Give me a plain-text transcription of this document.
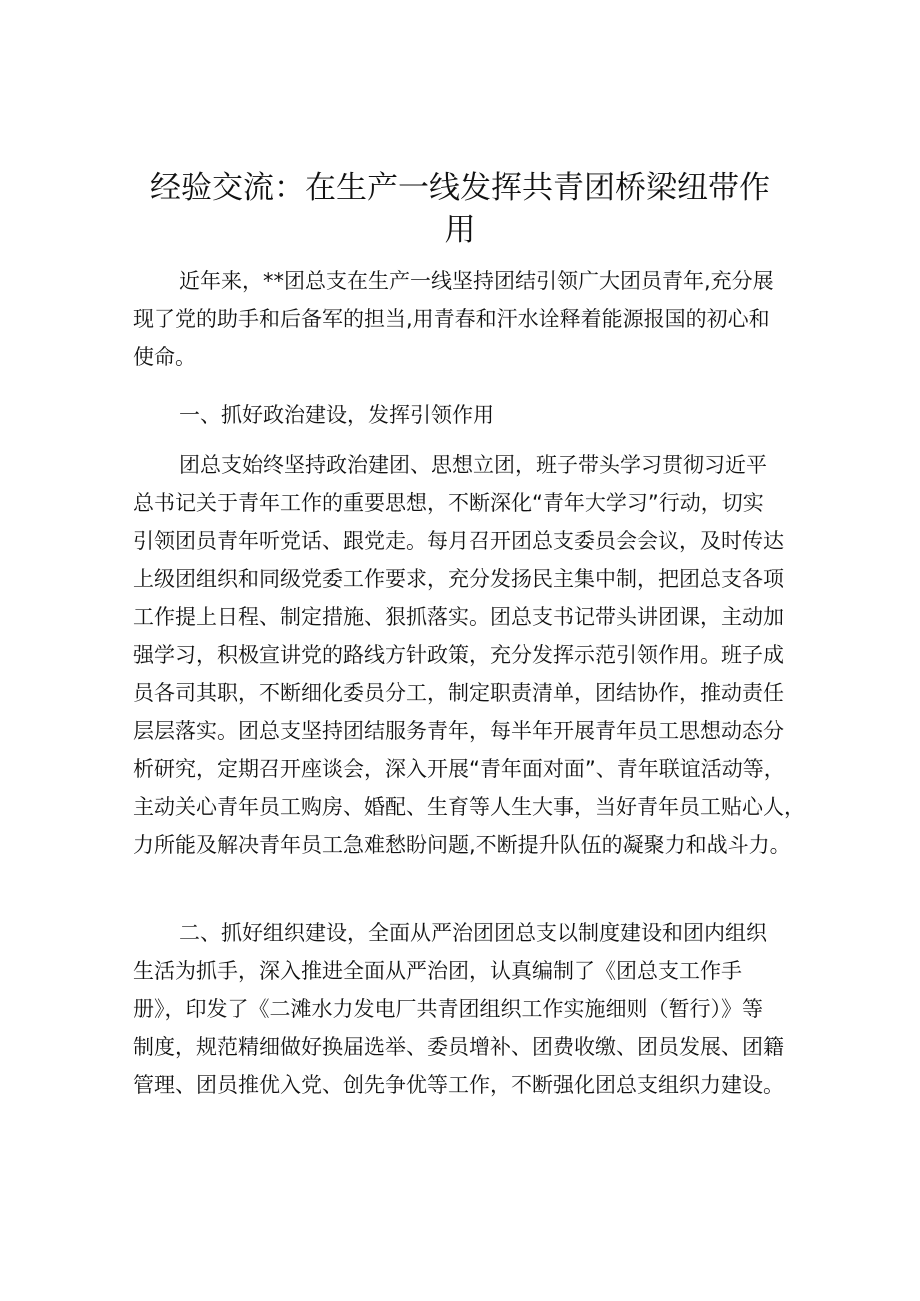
经验交流：在生产一线发挥共青团桥梁纽带作
用
近年来，**团总支在生产一线坚持团结引领广大团员青年,充分展
现了党的助手和后备军的担当,用青春和汗水诠释着能源报国的初心和
使命。
一、抓好政治建设，发挥引领作用
团总支始终坚持政治建团、思想立团，班子带头学习贯彻习近平
总书记关于青年工作的重要思想，不断深化“青年大学习”行动，切实
引领团员青年听党话、跟党走。每月召开团总支委员会会议，及时传达
上级团组织和同级党委工作要求，充分发扬民主集中制，把团总支各项
工作提上日程、制定措施、狠抓落实。团总支书记带头讲团课，主动加
强学习，积极宣讲党的路线方针政策，充分发挥示范引领作用。班子成
员各司其职，不断细化委员分工，制定职责清单，团结协作，推动责任
层层落实。团总支坚持团结服务青年，每半年开展青年员工思想动态分
析研究，定期召开座谈会，深入开展“青年面对面”、青年联谊活动等，
主动关心青年员工购房、婚配、生育等人生大事，当好青年员工贴心人，
力所能及解决青年员工急难愁盼问题,不断提升队伍的凝聚力和战斗力。
二、抓好组织建设，全面从严治团团总支以制度建设和团内组织
生活为抓手，深入推进全面从严治团，认真编制了《团总支工作手
册》，印发了《二滩水力发电厂共青团组织工作实施细则（暂行）》等
制度，规范精细做好换届选举、委员增补、团费收缴、团员发展、团籍
管理、团员推优入党、创先争优等工作，不断强化团总支组织力建设。
